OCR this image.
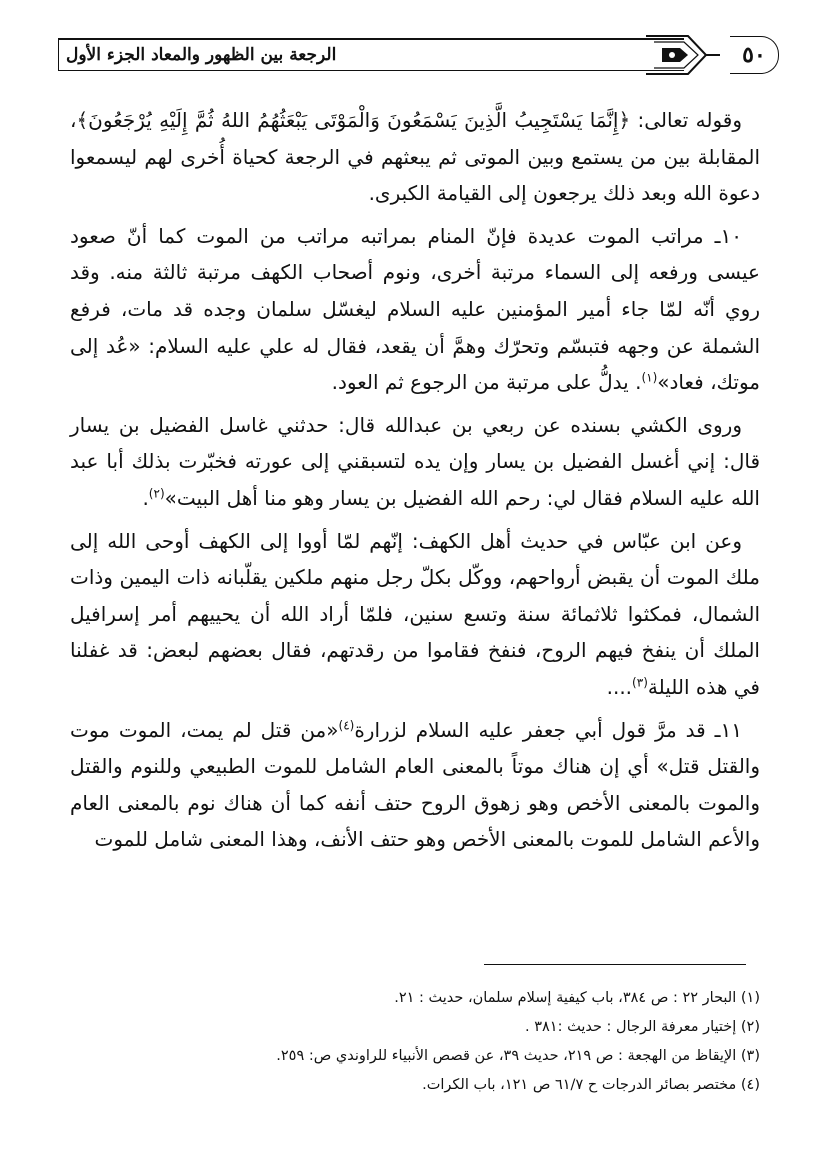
الرجعة بين الظهور والمعاد الجزء الأول	٥٠

وقوله تعالى: ﴿إِنَّمَا يَسْتَجِيبُ الَّذِينَ يَسْمَعُونَ وَالْمَوْتَى يَبْعَثُهُمُ اللهُ ثُمَّ إِلَيْهِ يُرْجَعُونَ﴾، المقابلة بين من يستمع وبين الموتى ثم يبعثهم في الرجعة كحياة أُخرى لهم ليسمعوا دعوة الله وبعد ذلك يرجعون إلى القيامة الكبرى.

١٠ـ مراتب الموت عديدة فإنّ المنام بمراتبه مراتب من الموت كما أنّ صعود عيسى ورفعه إلى السماء مرتبة أخرى، ونوم أصحاب الكهف مرتبة ثالثة منه. وقد روي أنّه لمّا جاء أمير المؤمنين عليه السلام ليغسّل سلمان وجده قد مات، فرفع الشملة عن وجهه فتبسّم وتحرّك وهمَّ أن يقعد، فقال له علي عليه السلام: «عُد إلى موتك، فعاد»$^{(١)}$. يدلُّ على مرتبة من الرجوع ثم العود.

وروى الكشي بسنده عن ربعي بن عبدالله قال: حدثني غاسل الفضيل بن يسار قال: إني أغسل الفضيل بن يسار وإن يده لتسبقني إلى عورته فخبّرت بذلك أبا عبد الله عليه السلام فقال لي: رحم الله الفضيل بن يسار وهو منا أهل البيت»$^{(٢)}$.

وعن ابن عبّاس في حديث أهل الكهف: إنّهم لمّا أووا إلى الكهف أوحى الله إلى ملك الموت أن يقبض أرواحهم، ووكّل بكلّ رجل منهم ملكين يقلّبانه ذات اليمين وذات الشمال، فمكثوا ثلاثمائة سنة وتسع سنين، فلمّا أراد الله أن يحييهم أمر إسرافيل الملك أن ينفخ فيهم الروح، فنفخ فقاموا من رقدتهم، فقال بعضهم لبعض: قد غفلنا في هذه الليلة$^{(٣)}$....

١١ـ قد مرَّ قول أبي جعفر عليه السلام لزرارة$^{(٤)}$«من قتل لم يمت، الموت موت والقتل قتل» أي إن هناك موتاً بالمعنى العام الشامل للموت الطبيعي وللنوم والقتل والموت بالمعنى الأخص وهو زهوق الروح حتف أنفه كما أن هناك نوم بالمعنى العام والأعم الشامل للموت بالمعنى الأخص وهو حتف الأنف، وهذا المعنى شامل للموت

(١) البحار ٢٢ : ص ٣٨٤، باب كيفية إسلام سلمان، حديث : ٢١.
(٢) إختيار معرفة الرجال : حديث :٣٨١ .
(٣) الإيقاظ من الهجعة : ص ٢١٩، حديث ٣٩، عن قصص الأنبياء للراوندي ص: ٢٥٩.
(٤) مختصر بصائر الدرجات ح ٦١/٧ ص ١٢١، باب الكرات.
